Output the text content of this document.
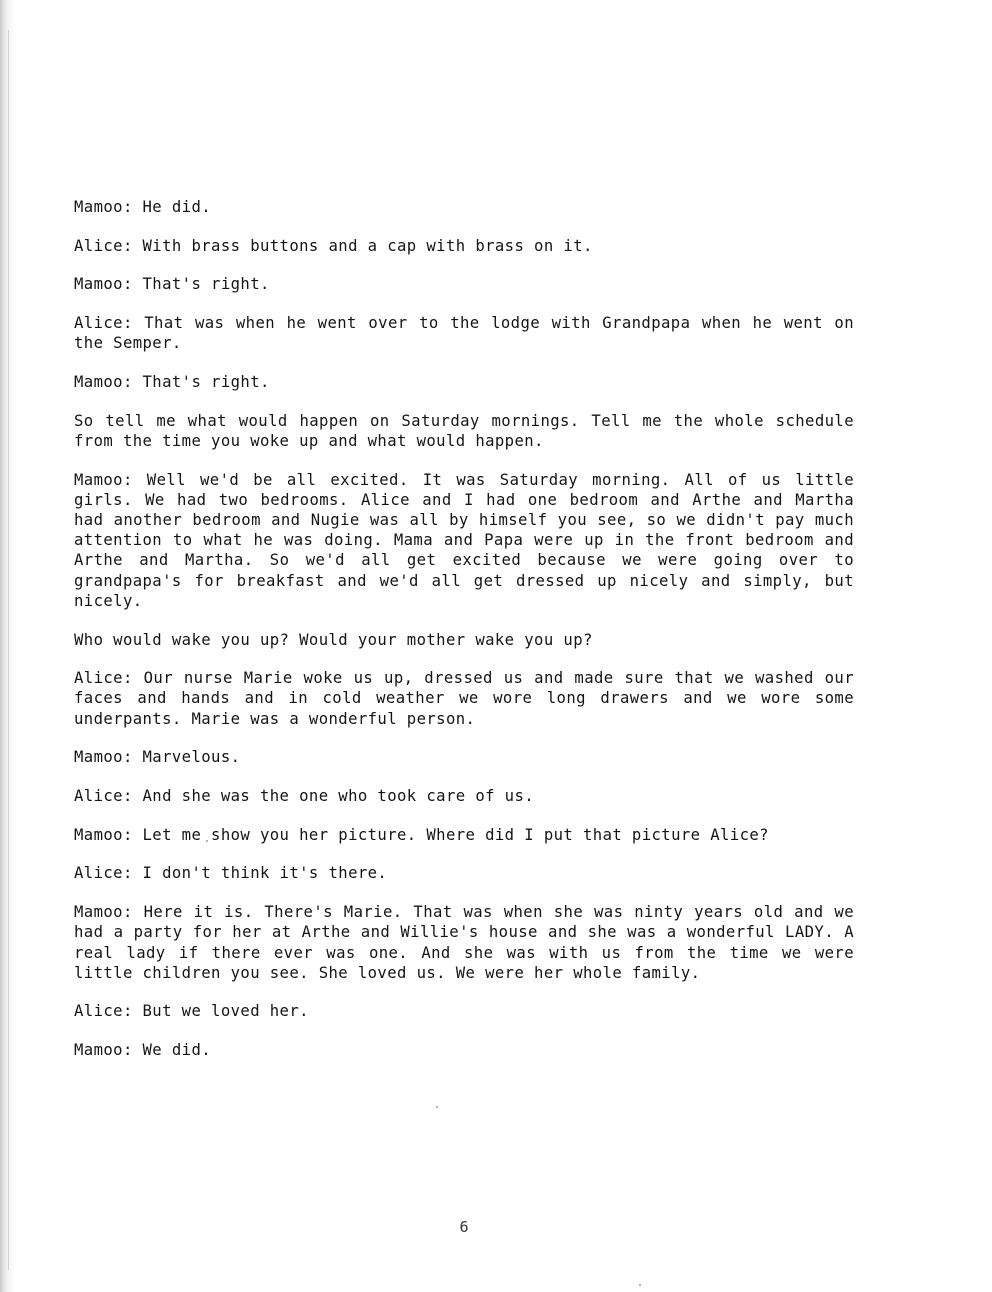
Mamoo: He did.

Alice: With brass buttons and a cap with brass on it.

Mamoo: That's right.

Alice: That was when he went over to the lodge with Grandpapa when he went on the Semper.

Mamoo: That's right.

So tell me what would happen on Saturday mornings. Tell me the whole schedule from the time you woke up and what would happen.

Mamoo: Well we'd be all excited. It was Saturday morning. All of us little girls. We had two bedrooms. Alice and I had one bedroom and Arthe and Martha had another bedroom and Nugie was all by himself you see, so we didn't pay much attention to what he was doing. Mama and Papa were up in the front bedroom and Arthe and Martha. So we'd all get excited because we were going over to grandpapa's for breakfast and we'd all get dressed up nicely and simply, but nicely.

Who would wake you up? Would your mother wake you up?

Alice: Our nurse Marie woke us up, dressed us and made sure that we washed our faces and hands and in cold weather we wore long drawers and we wore some underpants. Marie was a wonderful person.

Mamoo: Marvelous.

Alice: And she was the one who took care of us.

Mamoo: Let me show you her picture. Where did I put that picture Alice?

Alice: I don't think it's there.

Mamoo: Here it is. There's Marie. That was when she was ninty years old and we had a party for her at Arthe and Willie's house and she was a wonderful LADY. A real lady if there ever was one. And she was with us from the time we were little children you see. She loved us. We were her whole family.

Alice: But we loved her.

Mamoo: We did.

6
